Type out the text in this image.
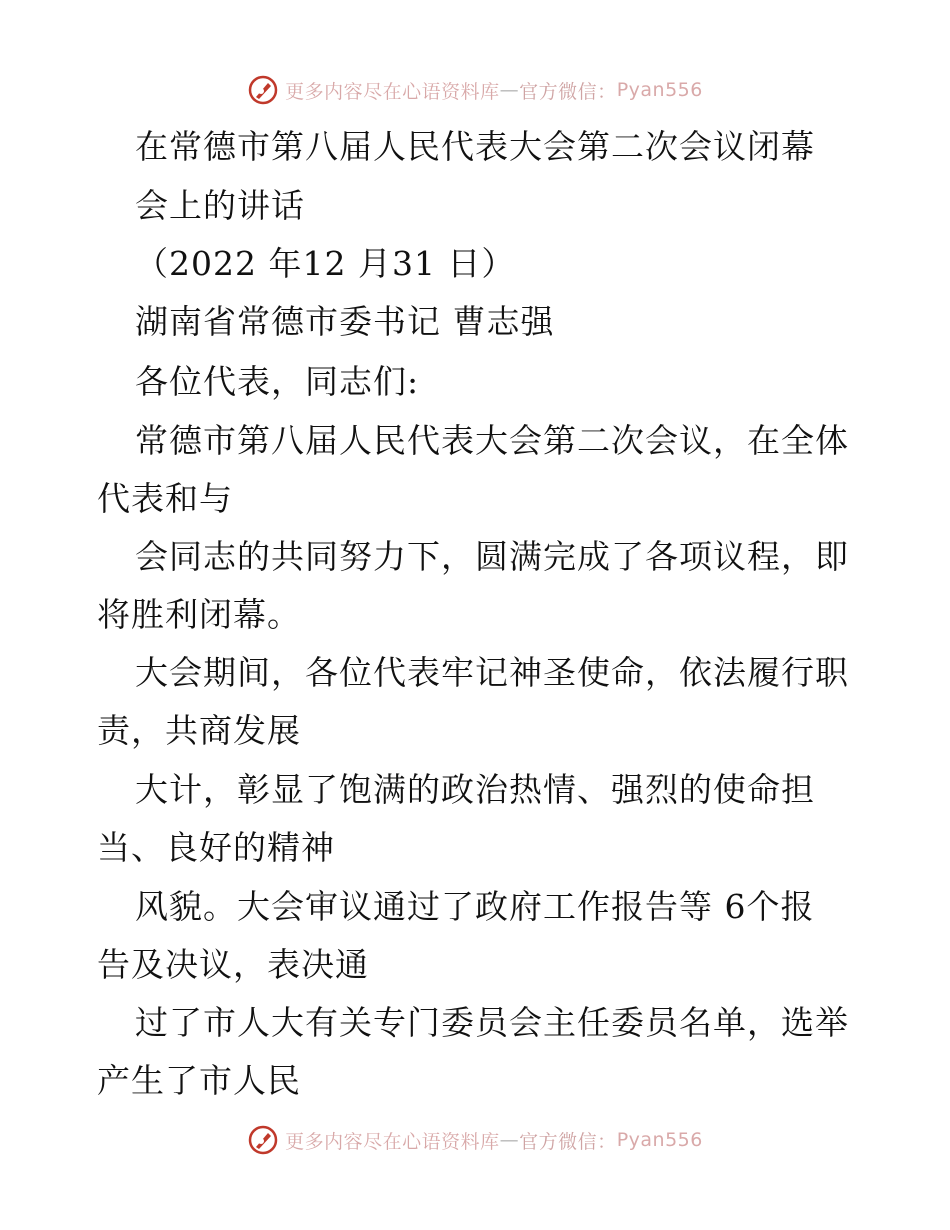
更多内容尽在心语资料库 — 官方微信： Pyan556
在常德市第八届人民代表大会第二次会议闭幕
会上的讲话
（2022 年12 月31 日）
湖南省常德市委书记 曹志强
各位代表，同志们:
常德市第八届人民代表大会第二次会议，在全体
代表和与
会同志的共同努力下，圆满完成了各项议程，即
将胜利闭幕。
大会期间，各位代表牢记神圣使命，依法履行职
责，共商发展
大计，彰显了饱满的政治热情、强烈的使命担
当、良好的精神
风貌。大会审议通过了政府工作报告等 6个报
告及决议，表决通
过了市人大有关专门委员会主任委员名单，选举
产生了市人民
更多内容尽在心语资料库 — 官方微信： Pyan556
